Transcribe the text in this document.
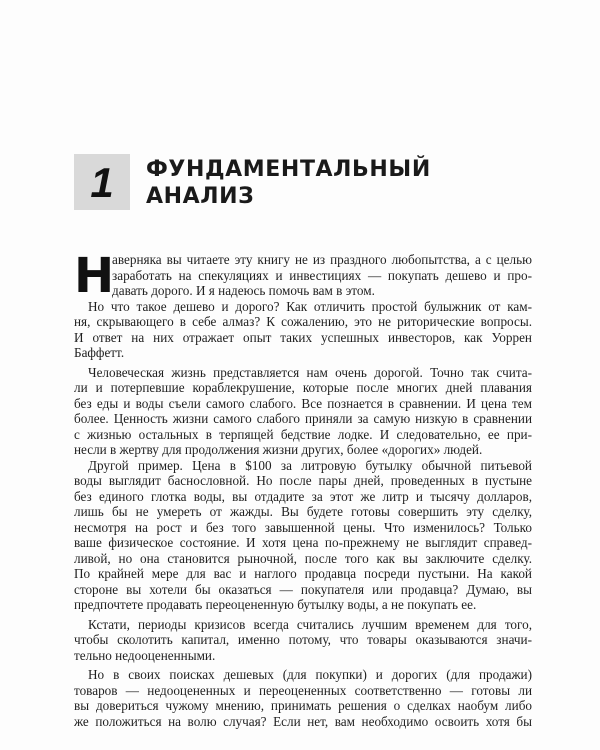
1	ФУНДАМЕНТАЛЬНЫЙ
АНАЛИЗ
Н
аверняка вы читаете эту книгу не из праздного любопытства, а с целью
заработать на спекуляциях и инвестициях — покупать дешево и про-
давать дорого. И я надеюсь помочь вам в этом.
Но что такое дешево и дорого? Как отличить простой булыжник от кам-
ня, скрывающего в себе алмаз? К сожалению, это не риторические вопросы.
И ответ на них отражает опыт таких успешных инвесторов, как Уоррен
Баффетт.
Человеческая жизнь представляется нам очень дорогой. Точно так счита-
ли и потерпевшие кораблекрушение, которые после многих дней плавания
без еды и воды съели самого слабого. Все познается в сравнении. И цена тем
более. Ценность жизни самого слабого приняли за самую низкую в сравнении
с жизнью остальных в терпящей бедствие лодке. И следовательно, ее при-
несли в жертву для продолжения жизни других, более «дорогих» людей.
Другой пример. Цена в $100 за литровую бутылку обычной питьевой
воды выглядит баснословной. Но после пары дней, проведенных в пустыне
без единого глотка воды, вы отдадите за этот же литр и тысячу долларов,
лишь бы не умереть от жажды. Вы будете готовы совершить эту сделку,
несмотря на рост и без того завышенной цены. Что изменилось? Только
ваше физическое состояние. И хотя цена по-прежнему не выглядит справед-
ливой, но она становится рыночной, после того как вы заключите сделку.
По крайней мере для вас и наглого продавца посреди пустыни. На какой
стороне вы хотели бы оказаться — покупателя или продавца? Думаю, вы
предпочтете продавать переоцененную бутылку воды, а не покупать ее.
Кстати, периоды кризисов всегда считались лучшим временем для того,
чтобы сколотить капитал, именно потому, что товары оказываются значи-
тельно недооцененными.
Но в своих поисках дешевых (для покупки) и дорогих (для продажи)
товаров — недооцененных и переоцененных соответственно — готовы ли
вы довериться чужому мнению, принимать решения о сделках наобум либо
же положиться на волю случая? Если нет, вам необходимо освоить хотя бы
